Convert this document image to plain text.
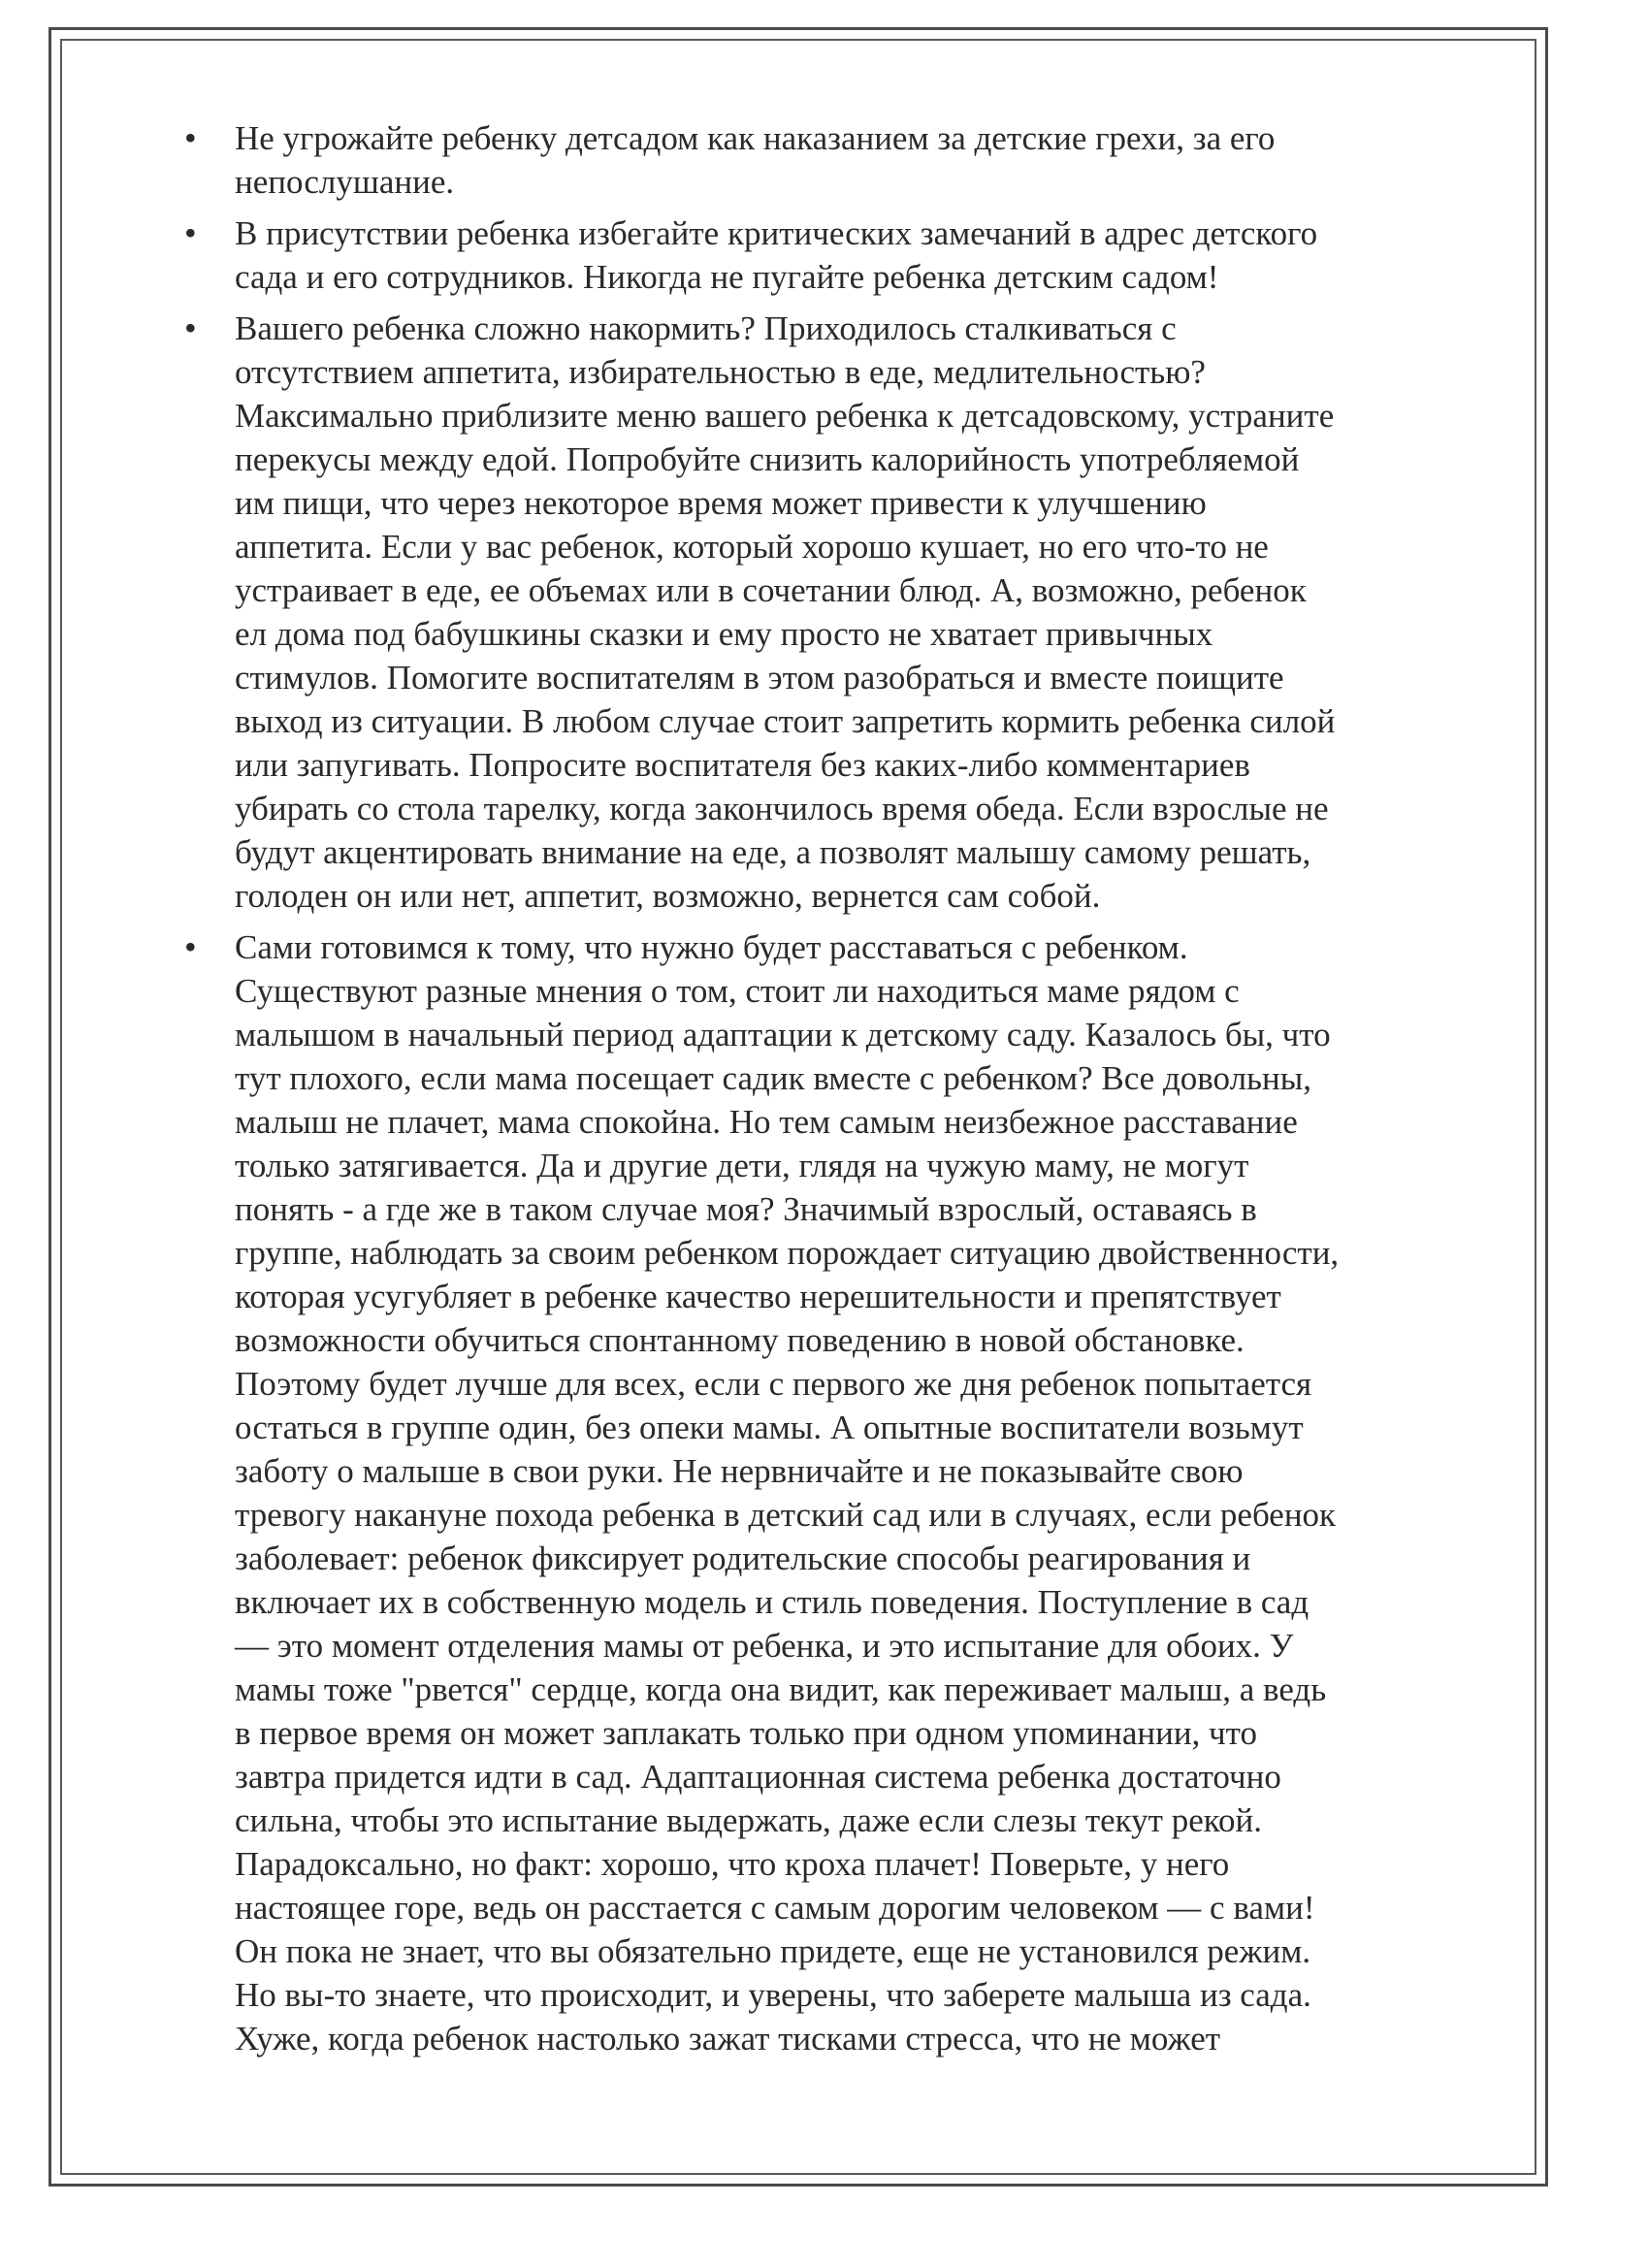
• Не угрожайте ребенку детсадом как наказанием за детские грехи, за его
непослушание.
• В присутствии ребенка избегайте критических замечаний в адрес детского
сада и его сотрудников. Никогда не пугайте ребенка детским садом!
• Вашего ребенка сложно накормить? Приходилось сталкиваться с
отсутствием аппетита, избирательностью в еде, медлительностью?
Максимально приблизите меню вашего ребенка к детсадовскому, устраните
перекусы между едой. Попробуйте снизить калорийность употребляемой
им пищи, что через некоторое время может привести к улучшению
аппетита. Если у вас ребенок, который хорошо кушает, но его что-то не
устраивает в еде, ее объемах или в сочетании блюд. А, возможно, ребенок
ел дома под бабушкины сказки и ему просто не хватает привычных
стимулов. Помогите воспитателям в этом разобраться и вместе поищите
выход из ситуации. В любом случае стоит запретить кормить ребенка силой
или запугивать. Попросите воспитателя без каких-либо комментариев
убирать со стола тарелку, когда закончилось время обеда. Если взрослые не
будут акцентировать внимание на еде, а позволят малышу самому решать,
голоден он или нет, аппетит, возможно, вернется сам собой.
• Сами готовимся к тому, что нужно будет расставаться с ребенком.
Существуют разные мнения о том, стоит ли находиться маме рядом с
малышом в начальный период адаптации к детскому саду. Казалось бы, что
тут плохого, если мама посещает садик вместе с ребенком? Все довольны,
малыш не плачет, мама спокойна. Но тем самым неизбежное расставание
только затягивается. Да и другие дети, глядя на чужую маму, не могут
понять - а где же в таком случае моя? Значимый взрослый, оставаясь в
группе, наблюдать за своим ребенком порождает ситуацию двойственности,
которая усугубляет в ребенке качество нерешительности и препятствует
возможности обучиться спонтанному поведению в новой обстановке.
Поэтому будет лучше для всех, если с первого же дня ребенок попытается
остаться в группе один, без опеки мамы. А опытные воспитатели возьмут
заботу о малыше в свои руки. Не нервничайте и не показывайте свою
тревогу накануне похода ребенка в детский сад или в случаях, если ребенок
заболевает: ребенок фиксирует родительские способы реагирования и
включает их в собственную модель и стиль поведения. Поступление в сад
— это момент отделения мамы от ребенка, и это испытание для обоих. У
мамы тоже "рвется" сердце, когда она видит, как переживает малыш, а ведь
в первое время он может заплакать только при одном упоминании, что
завтра придется идти в сад. Адаптационная система ребенка достаточно
сильна, чтобы это испытание выдержать, даже если слезы текут рекой.
Парадоксально, но факт: хорошо, что кроха плачет! Поверьте, у него
настоящее горе, ведь он расстается с самым дорогим человеком — с вами!
Он пока не знает, что вы обязательно придете, еще не установился режим.
Но вы-то знаете, что происходит, и уверены, что заберете малыша из сада.
Хуже, когда ребенок настолько зажат тисками стресса, что не может
